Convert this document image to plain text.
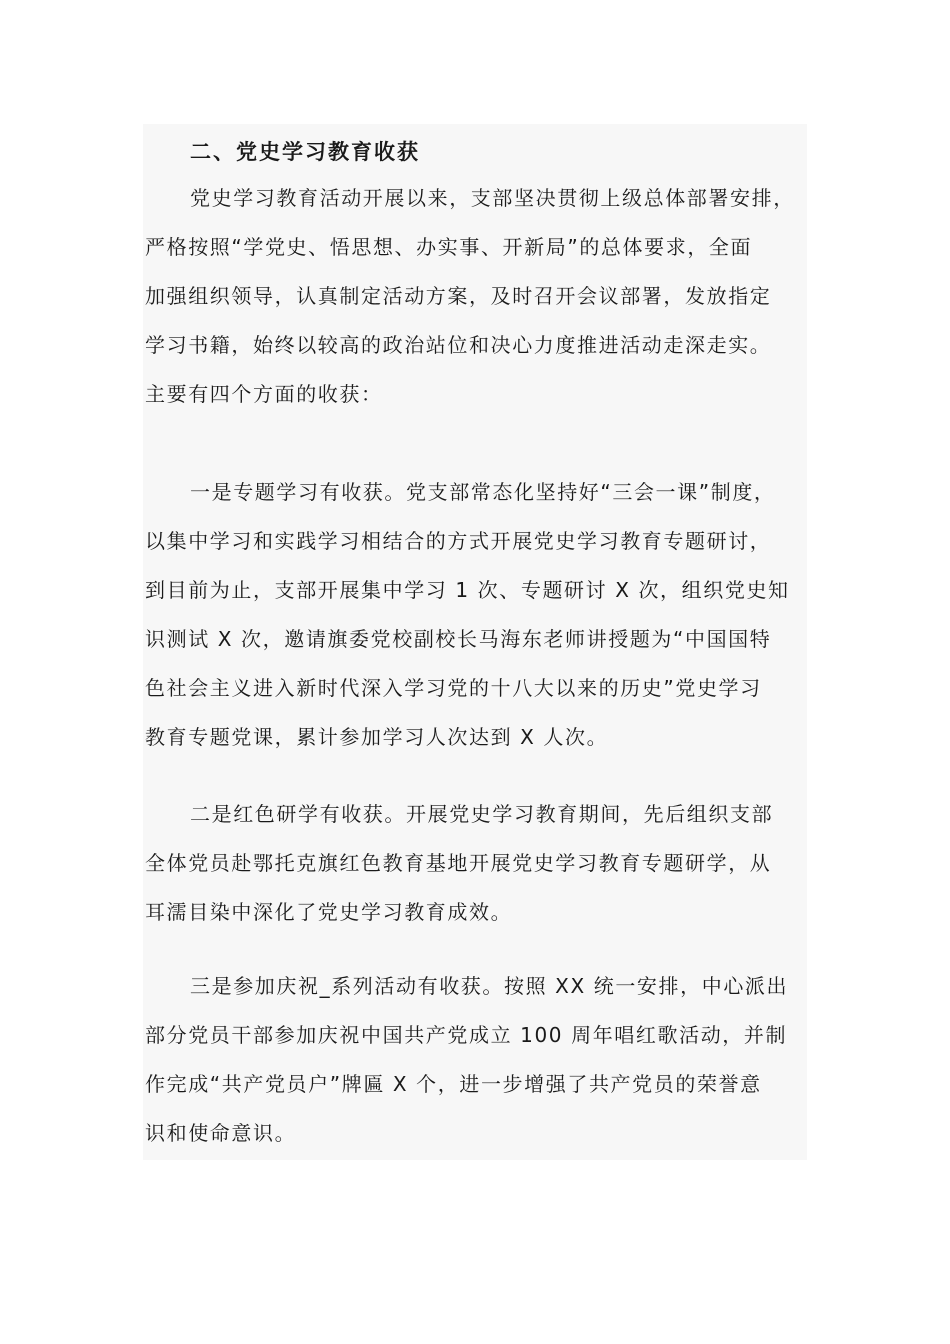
二、党史学习教育收获
党史学习教育活动开展以来，支部坚决贯彻上级总体部署安排，
严格按照“学党史、悟思想、办实事、开新局”的总体要求，全面
加强组织领导，认真制定活动方案，及时召开会议部署，发放指定
学习书籍，始终以较高的政治站位和决心力度推进活动走深走实。
主要有四个方面的收获：
一是专题学习有收获。党支部常态化坚持好“三会一课”制度，
以集中学习和实践学习相结合的方式开展党史学习教育专题研讨，
到目前为止，支部开展集中学习 1 次、专题研讨 X 次，组织党史知
识测试 X 次，邀请旗委党校副校长马海东老师讲授题为“中国国特
色社会主义进入新时代深入学习党的十八大以来的历史”党史学习
教育专题党课，累计参加学习人次达到 X 人次。
二是红色研学有收获。开展党史学习教育期间，先后组织支部
全体党员赴鄂托克旗红色教育基地开展党史学习教育专题研学，从
耳濡目染中深化了党史学习教育成效。
三是参加庆祝_系列活动有收获。按照 XX 统一安排，中心派出
部分党员干部参加庆祝中国共产党成立 100 周年唱红歌活动，并制
作完成“共产党员户”牌匾 X 个，进一步增强了共产党员的荣誉意
识和使命意识。
